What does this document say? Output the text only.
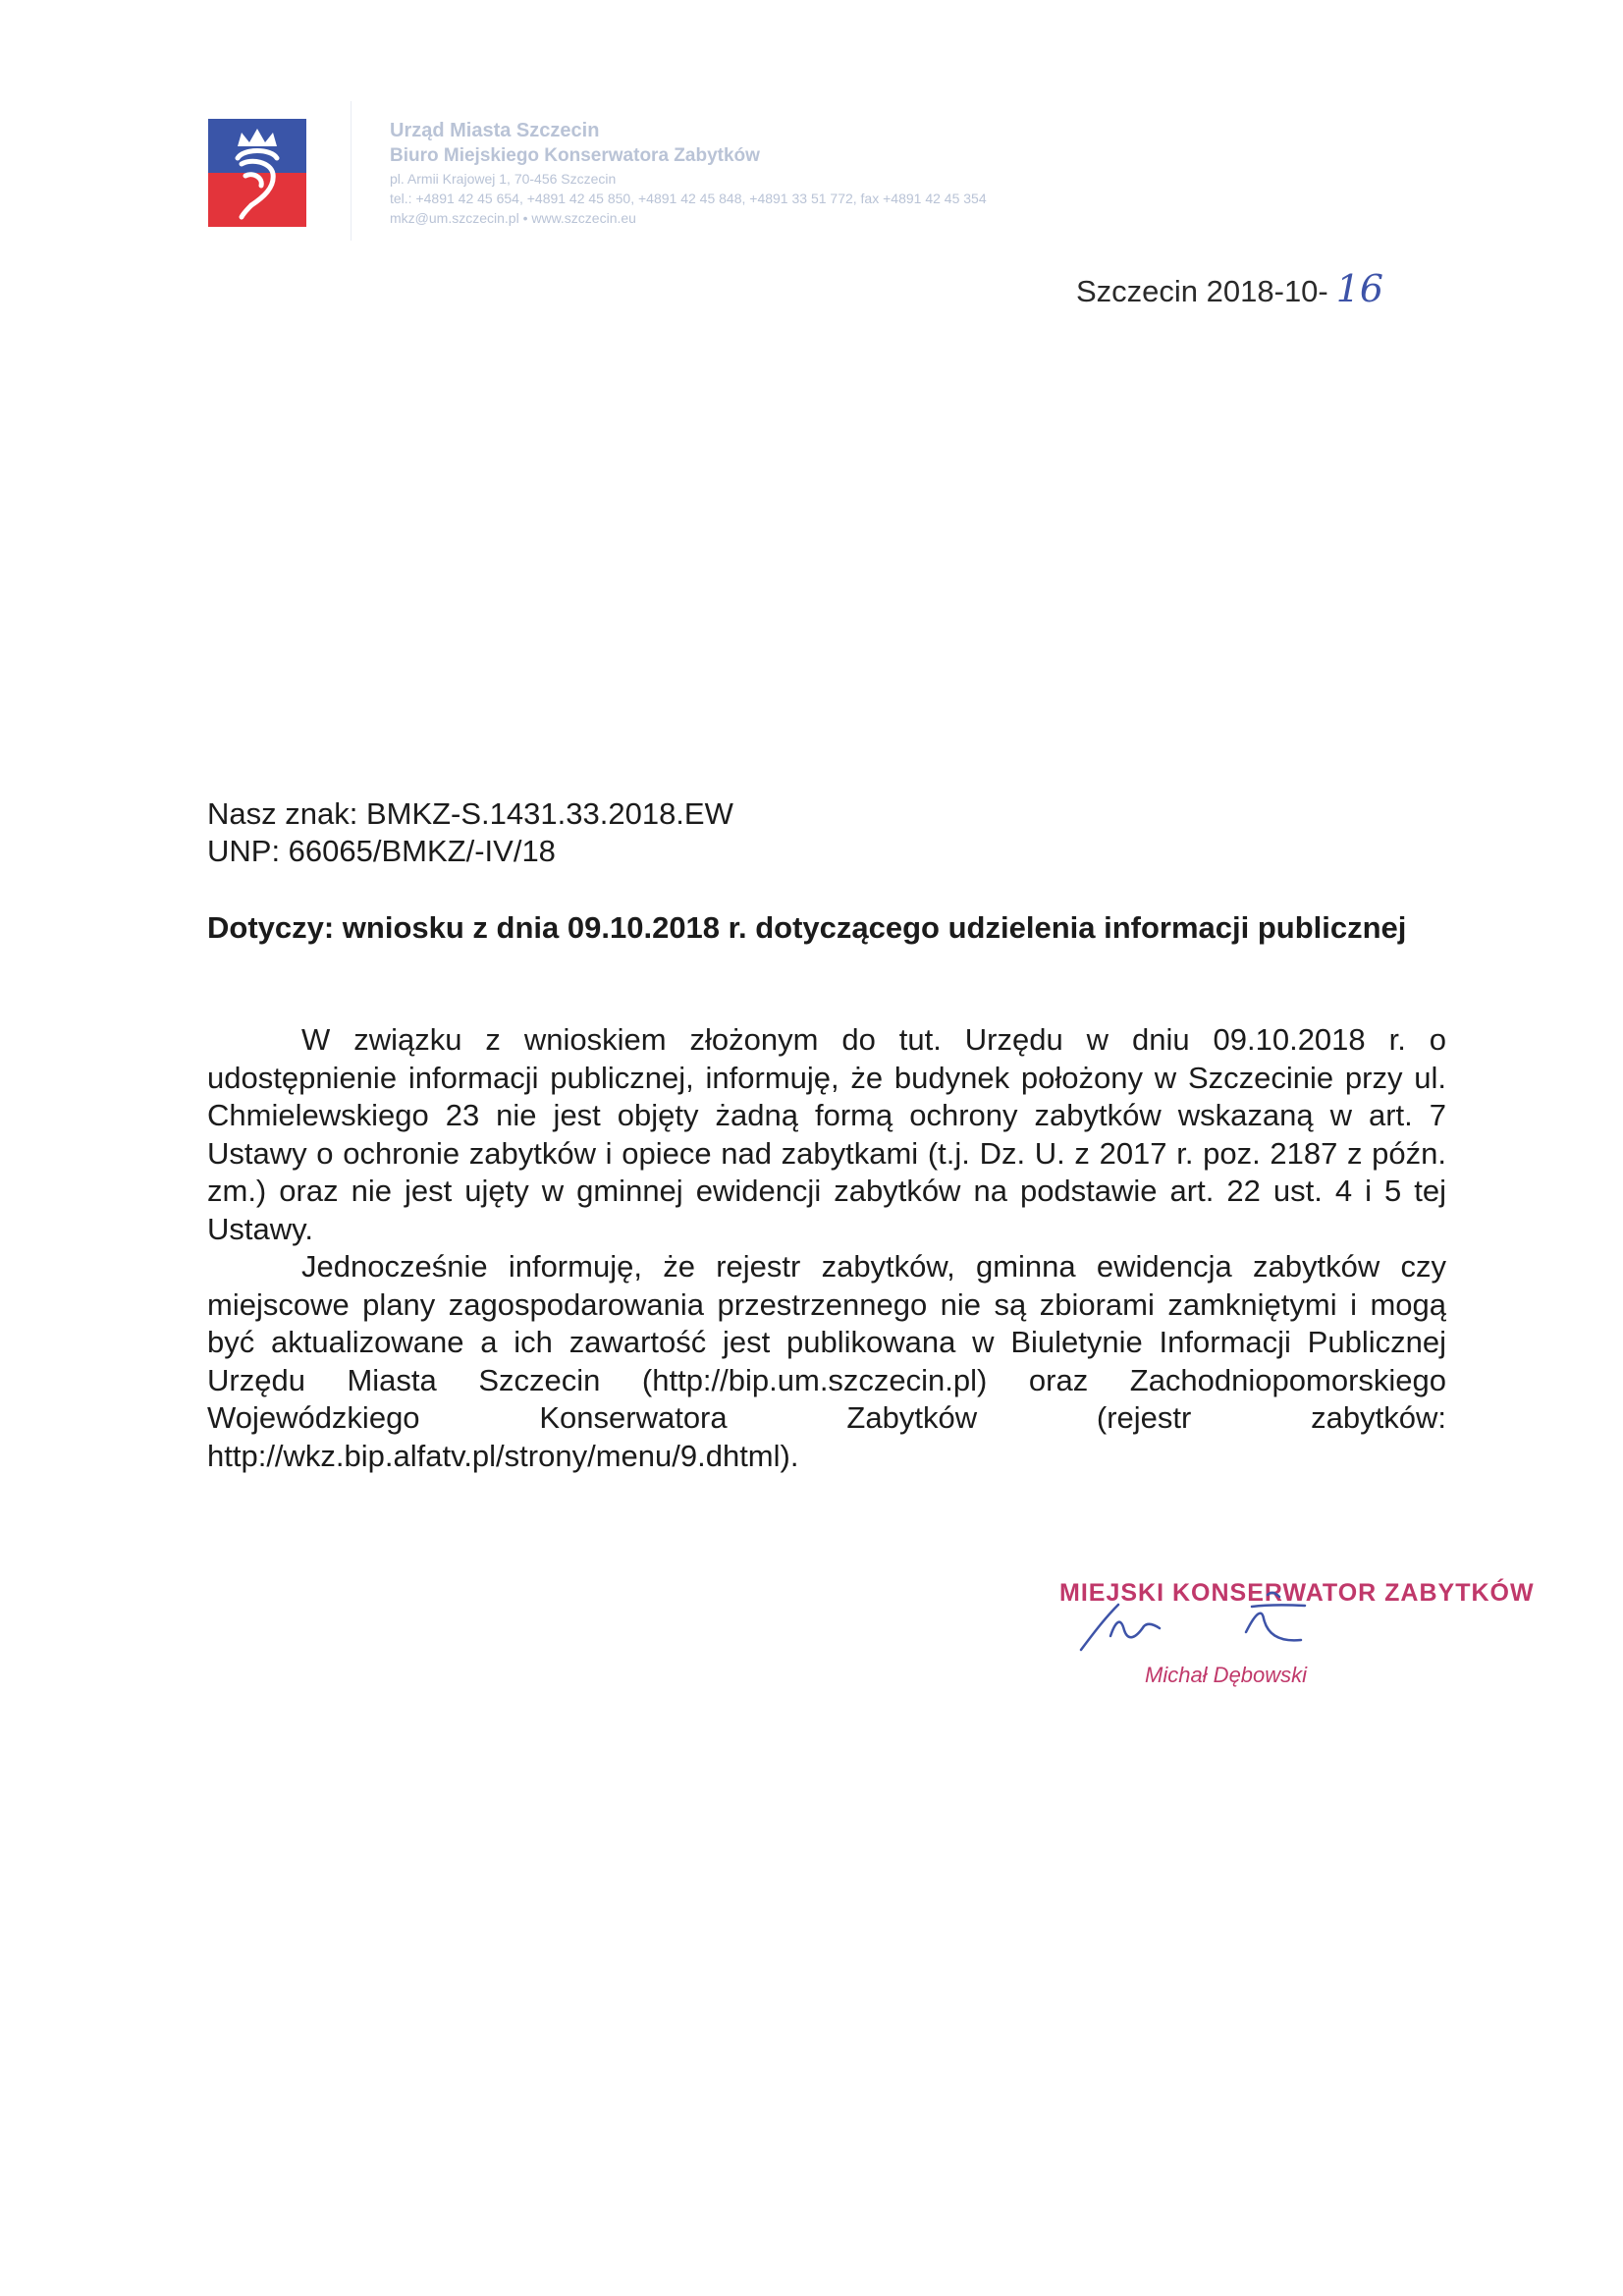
Urząd Miasta Szczecin
Biuro Miejskiego Konserwatora Zabytków
pl. Armii Krajowej 1, 70-456 Szczecin
tel.: +4891 42 45 654, +4891 42 45 850, +4891 42 45 848, +4891 33 51 772, fax +4891 42 45 354
mkz@um.szczecin.pl • www.szczecin.eu
Szczecin 2018-10- 16
Nasz znak: BMKZ-S.1431.33.2018.EW
UNP: 66065/BMKZ/-IV/18
Dotyczy: wniosku z dnia 09.10.2018 r. dotyczącego udzielenia informacji publicznej

W związku z wnioskiem złożonym do tut. Urzędu w dniu 09.10.2018 r. o udostępnienie informacji publicznej, informuję, że budynek położony w Szczecinie przy ul. Chmielewskiego 23 nie jest objęty żadną formą ochrony zabytków wskazaną w art. 7 Ustawy o ochronie zabytków i opiece nad zabytkami (t.j. Dz. U. z 2017 r. poz. 2187 z późn. zm.) oraz nie jest ujęty w gminnej ewidencji zabytków na podstawie art. 22 ust. 4 i 5 tej Ustawy.

Jednocześnie informuję, że rejestr zabytków, gminna ewidencja zabytków czy miejscowe plany zagospodarowania przestrzennego nie są zbiorami zamkniętymi i mogą być aktualizowane a ich zawartość jest publikowana w Biuletynie Informacji Publicznej Urzędu Miasta Szczecin (http://bip.um.szczecin.pl) oraz Zachodniopomorskiego Wojewódzkiego Konserwatora Zabytków (rejestr zabytków: http://wkz.bip.alfatv.pl/strony/menu/9.dhtml).

MIEJSKI KONSERWATOR ZABYTKÓW
Michał Dębowski
